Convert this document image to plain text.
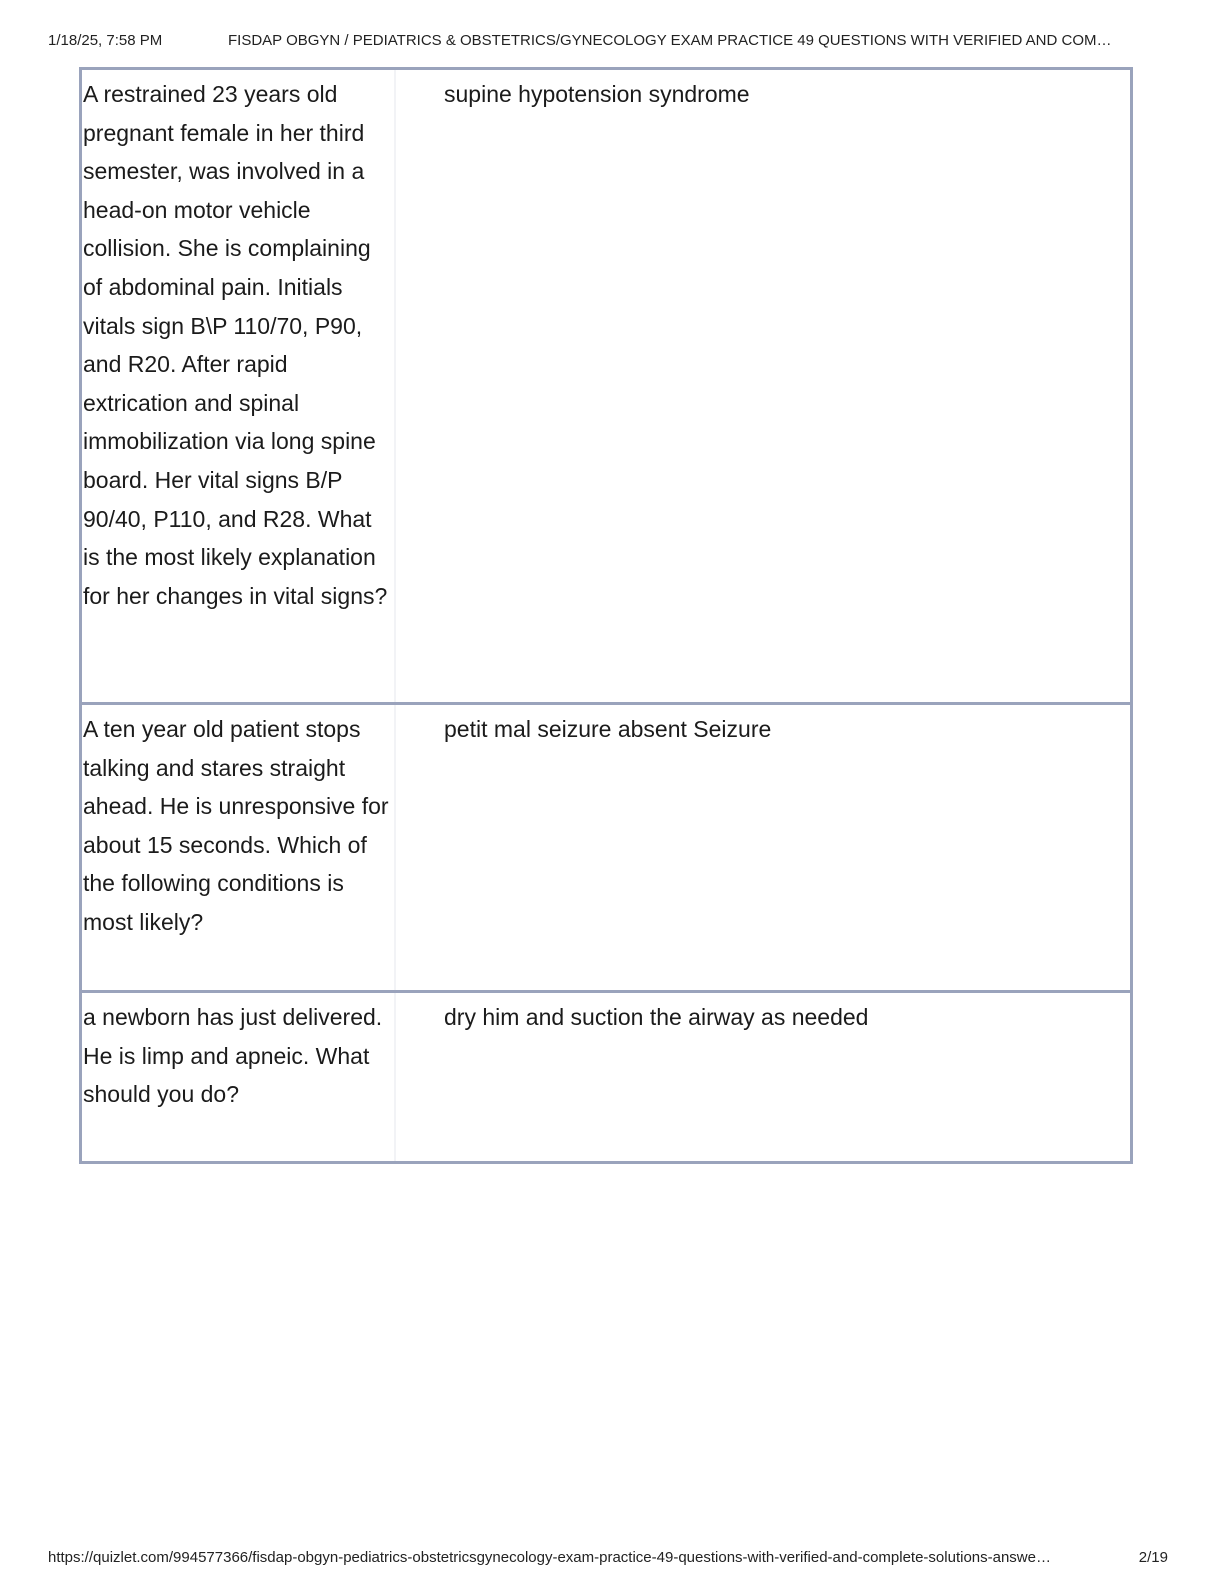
1/18/25, 7:58 PM	FISDAP OBGYN / PEDIATRICS & OBSTETRICS/GYNECOLOGY EXAM PRACTICE 49 QUESTIONS WITH VERIFIED AND COM…
A restrained 23 years old pregnant female in her third semester, was involved in a head-on motor vehicle collision. She is complaining of abdominal pain. Initials vitals sign B\P 110/70, P90, and R20. After rapid extrication and spinal immobilization via long spine board. Her vital signs B/P 90/40, P110, and R28. What is the most likely explanation for her changes in vital signs?
supine hypotension syndrome
A ten year old patient stops talking and stares straight ahead. He is unresponsive for about 15 seconds. Which of the following conditions is most likely?
petit mal seizure absent Seizure
a newborn has just delivered. He is limp and apneic. What should you do?
dry him and suction the airway as needed
https://quizlet.com/994577366/fisdap-obgyn-pediatrics-obstetricsgynecology-exam-practice-49-questions-with-verified-and-complete-solutions-answe…	2/19
